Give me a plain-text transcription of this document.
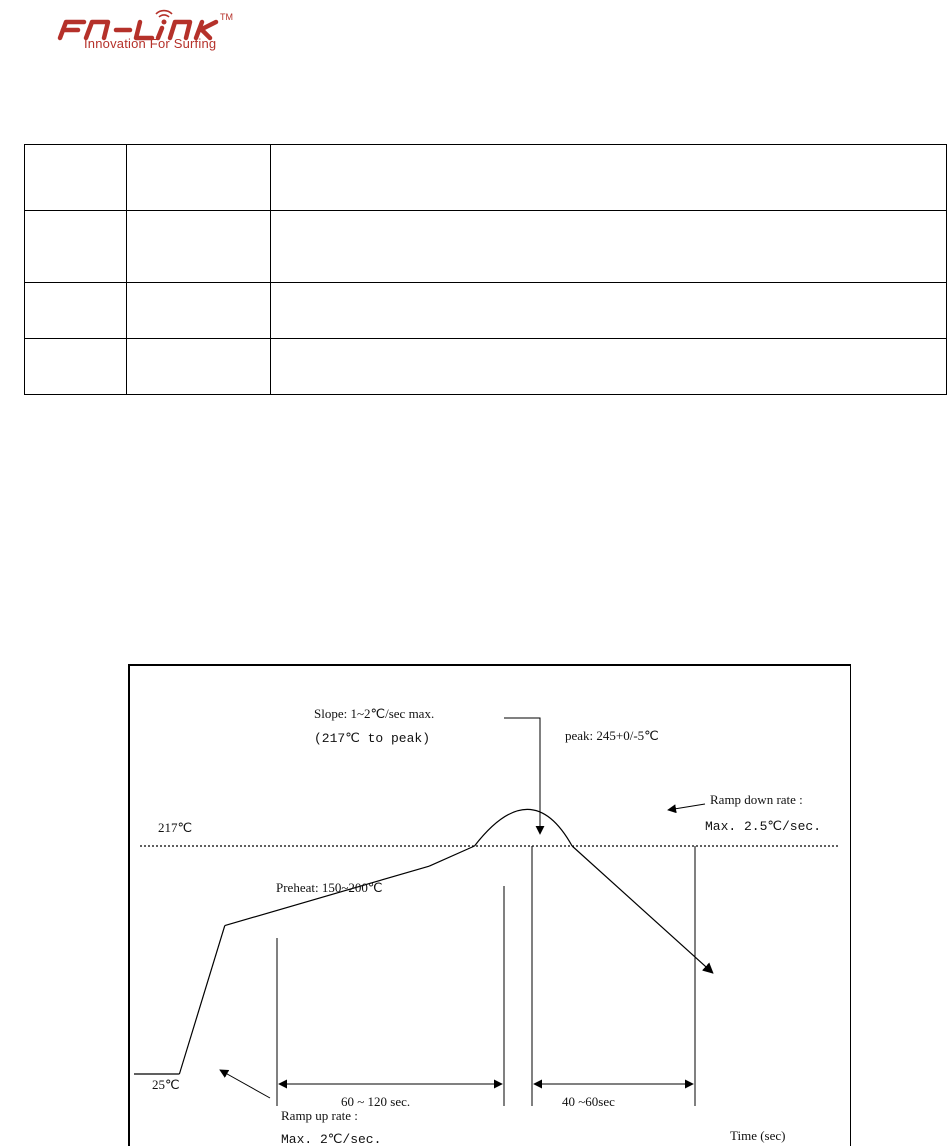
TM
Innovation For Surfing

217℃
25℃
Slope: 1~2℃/sec max.
(217℃ to peak)	peak: 245+0/-5℃
Ramp down rate :
Max. 2.5℃/sec.
Preheat: 150~200℃
60 ~ 120 sec.	40 ~60sec
Ramp up rate :
Max. 2℃/sec.	Time (sec)
